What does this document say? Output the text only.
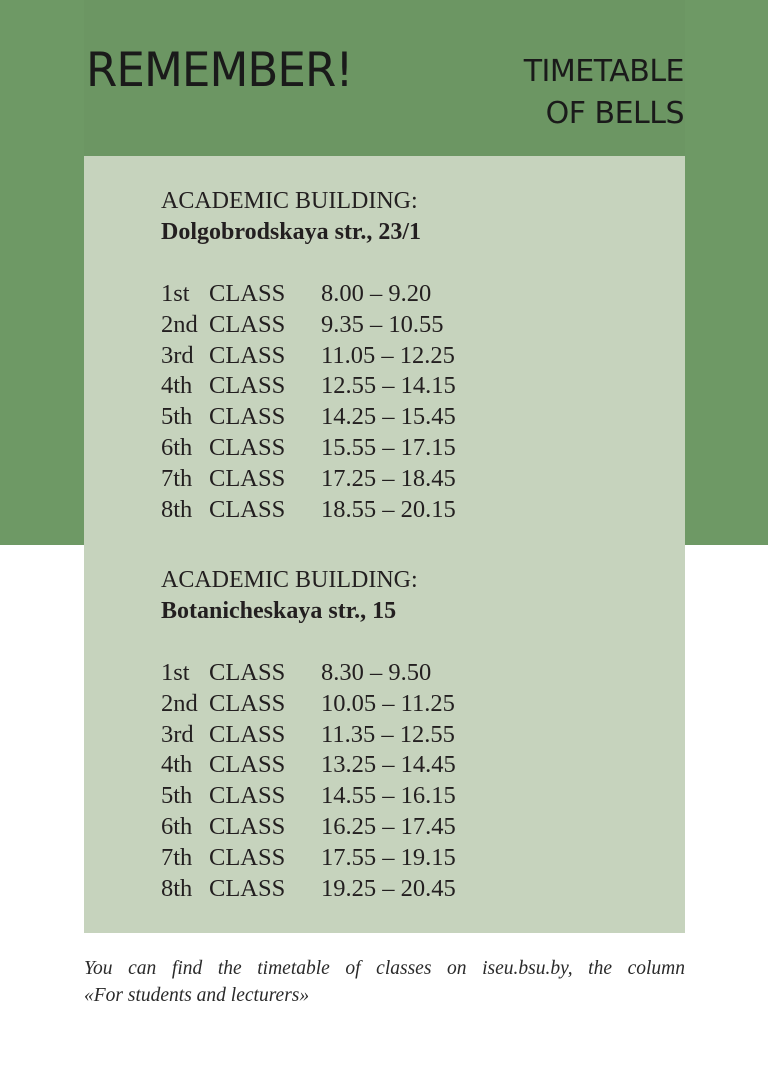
REMEMBER!	TIMETABLE
OF BELLS
ACADEMIC BUILDING:
Dolgobrodskaya str., 23/1
1st CLASS	8.00 – 9.20
2nd CLASS	9.35 – 10.55
3rd CLASS	11.05 – 12.25
4th CLASS	12.55 – 14.15
5th CLASS	14.25 – 15.45
6th CLASS	15.55 – 17.15
7th CLASS	17.25 – 18.45
8th CLASS	18.55 – 20.15
ACADEMIC BUILDING:
Botanicheskaya str., 15
1st CLASS	8.30 – 9.50
2nd CLASS	10.05 – 11.25
3rd CLASS	11.35 – 12.55
4th CLASS	13.25 – 14.45
5th CLASS	14.55 – 16.15
6th CLASS	16.25 – 17.45
7th CLASS	17.55 – 19.15
8th CLASS	19.25 – 20.45
You can find the timetable of classes on iseu.bsu.by, the column
«For students and lecturers»
